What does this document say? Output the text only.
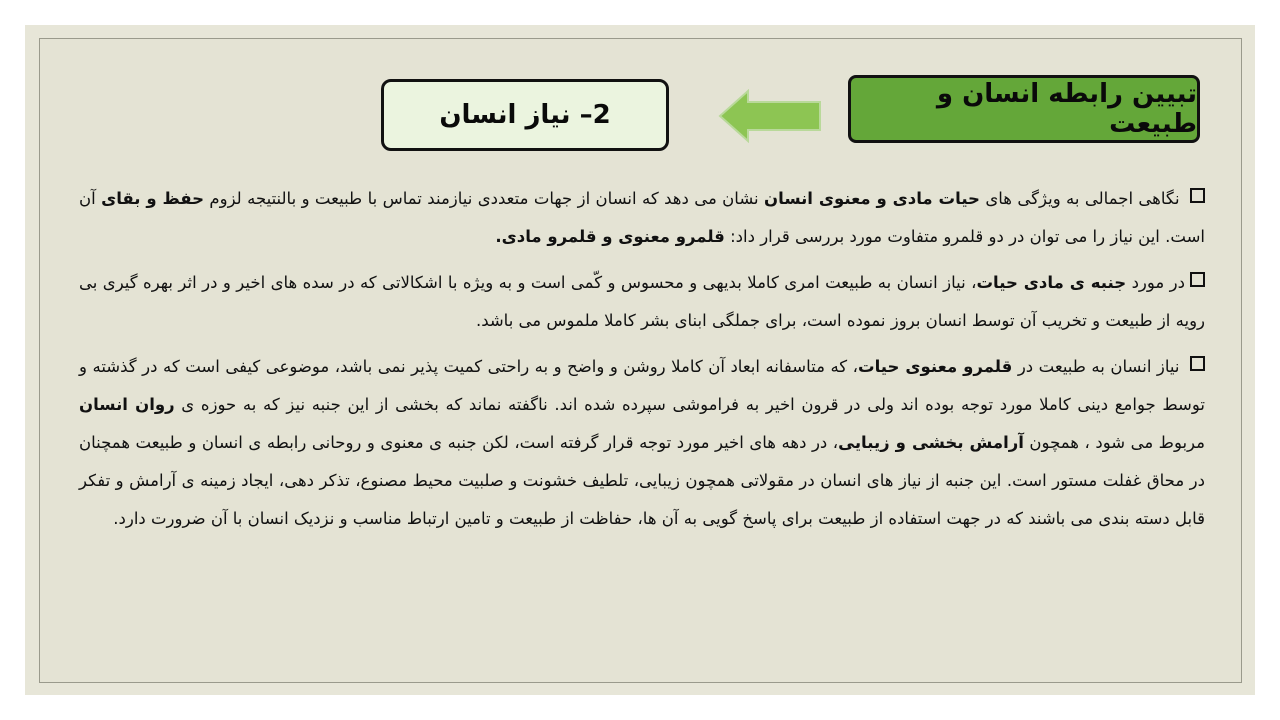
تبیین رابطه انسان و طبیعت
2– نیاز انسان

نگاهی اجمالی به ویژگی های حیات مادی و معنوی انسان نشان می دهد که انسان از جهات متعددی نیازمند تماس با طبیعت و بالنتیجه لزوم حفظ و بقای آن است. این نیاز را می توان در دو قلمرو متفاوت مورد بررسی قرار داد: قلمرو معنوی و قلمرو مادی.

در مورد جنبه ی مادی حیات، نیاز انسان به طبیعت امری کاملا بدیهی و محسوس و کّمی است و به ویژه با اشکالاتی که در سده های اخیر و در اثر بهره گیری بی رویه از طبیعت و تخریب آن توسط انسان بروز نموده است، برای جملگی ابنای بشر کاملا ملموس می باشد.

نیاز انسان به طبیعت در قلمرو معنوی حیات، که متاسفانه ابعاد آن کاملا روشن و واضح و به راحتی کمیت پذیر نمی باشد، موضوعی کیفی است که در گذشته و توسط جوامع دینی کاملا مورد توجه بوده اند ولی در قرون اخیر به فراموشی سپرده شده اند. ناگفته نماند که بخشی از این جنبه نیز که به حوزه ی روان انسان مربوط می شود ، همچون آرامش بخشی و زیبایی، در دهه های اخیر مورد توجه قرار گرفته است، لکن جنبه ی معنوی و روحانی رابطه ی انسان و طبیعت همچنان در محاق غفلت مستور است. این جنبه از نیاز های انسان در مقولاتی همچون زیبایی، تلطیف خشونت و صلبیت محیط مصنوع، تذکر دهی، ایجاد زمینه ی آرامش و تفکر قابل دسته بندی می باشند که در جهت استفاده از طبیعت برای پاسخ گویی به آن ها، حفاظت از طبیعت و تامین ارتباط مناسب و نزدیک انسان با آن ضرورت دارد.
